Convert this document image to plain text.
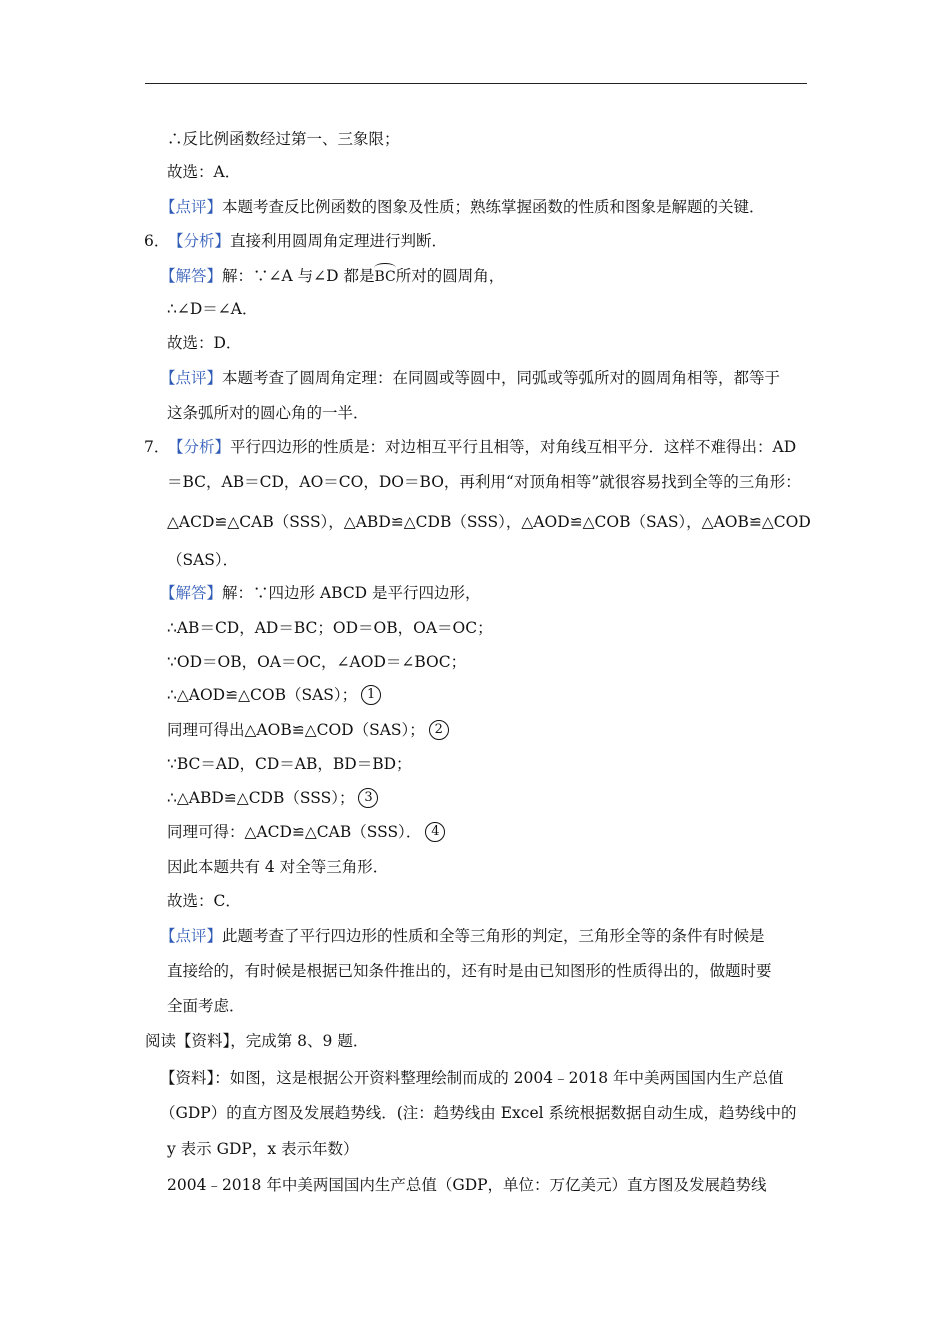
∴反比例函数经过第一、三象限；
故选：A．
【点评】本题考查反比例函数的图象及性质；熟练掌握函数的性质和图象是解题的关键．
6．【分析】直接利用圆周角定理进行判断．
【解答】解：∵∠A 与∠D 都是BC所对的圆周角，
∴∠D＝∠A．
故选：D．
【点评】本题考查了圆周角定理：在同圆或等圆中，同弧或等弧所对的圆周角相等，都等于
这条弧所对的圆心角的一半．
7．【分析】平行四边形的性质是：对边相互平行且相等，对角线互相平分．这样不难得出：AD
＝BC，AB＝CD，AO＝CO，DO＝BO，再利用“对顶角相等”就很容易找到全等的三角形：
△ACD≌△CAB（SSS），△ABD≌△CDB（SSS），△AOD≌△COB（SAS），△AOB≌△COD
（SAS）．
【解答】解：∵四边形 ABCD 是平行四边形，
∴AB＝CD，AD＝BC；OD＝OB，OA＝OC；
∵OD＝OB，OA＝OC，∠AOD＝∠BOC；
∴△AOD≌△COB（SAS）； 1
同理可得出△AOB≌△COD（SAS）； 2
∵BC＝AD，CD＝AB，BD＝BD；
∴△ABD≌△CDB（SSS）； 3
同理可得：△ACD≌△CAB（SSS）． 4
因此本题共有 4 对全等三角形．
故选：C．
【点评】此题考查了平行四边形的性质和全等三角形的判定，三角形全等的条件有时候是
直接给的，有时候是根据已知条件推出的，还有时是由已知图形的性质得出的，做题时要
全面考虑．
阅读【资料】，完成第 8、9 题．
【资料】：如图，这是根据公开资料整理绘制而成的 2004﹣2018 年中美两国国内生产总值
（GDP）的直方图及发展趋势线．(注：趋势线由 Excel 系统根据数据自动生成，趋势线中的
y 表示 GDP，x 表示年数）
2004﹣2018 年中美两国国内生产总值（GDP，单位：万亿美元）直方图及发展趋势线
